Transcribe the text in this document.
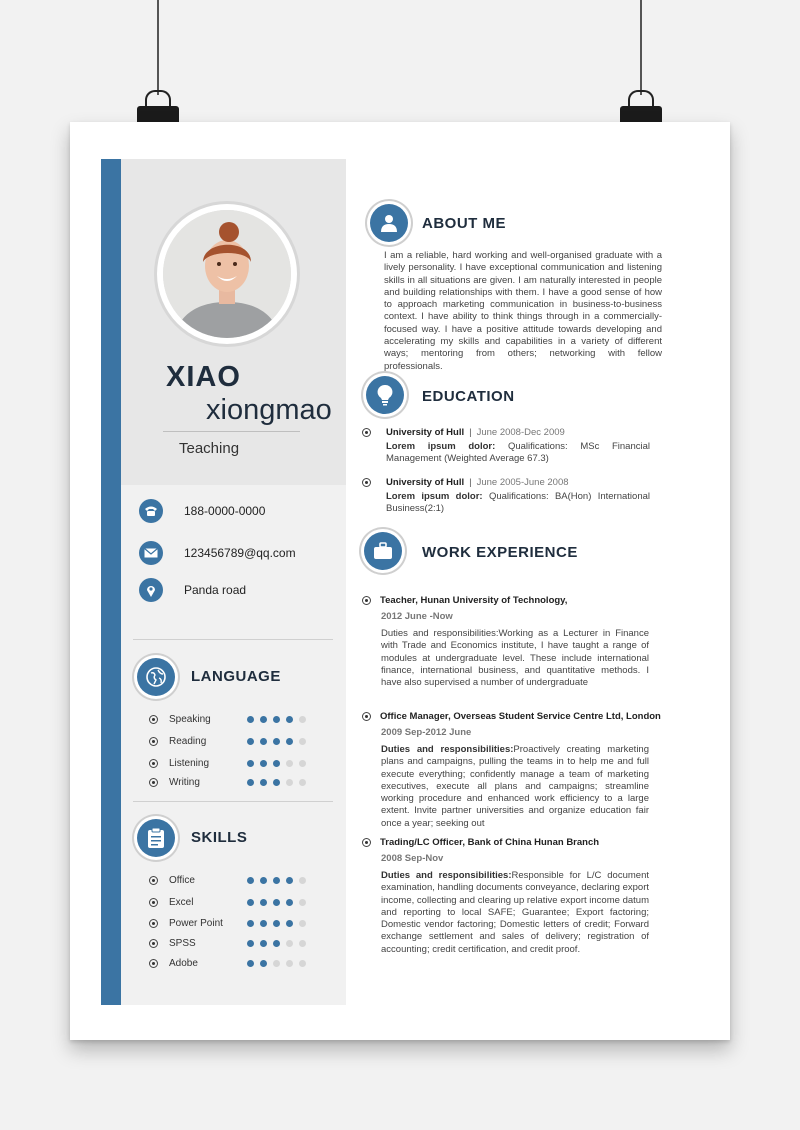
XIAO
xiongmao
Teaching
188-0000-0000
123456789@qq.com
Panda road
LANGUAGE
Speaking
Reading
Listening
Writing
SKILLS
Office
Excel
Power Point
SPSS
Adobe
ABOUT ME
I am a reliable, hard working and well-organised graduate with a lively personality. I have exceptional communication and listening skills in all situations are given. I am naturally interested in people and building relationships with them. I have a good sense of how to approach marketing communication in business-to-business context. I have ability to think things through in a commercially-focused way. I have a positive attitude towards developing and accelerating my skills and capabilities in a variety of different ways; mentoring from others; networking with fellow professionals.
EDUCATION
University of Hull | June 2008-Dec 2009
Lorem ipsum dolor: Qualifications: MSc Financial Management (Weighted Average 67.3)
University of Hull | June 2005-June 2008
Lorem ipsum dolor: Qualifications: BA(Hon) International Business(2:1)
WORK EXPERIENCE
Teacher, Hunan University of Technology,
2012 June -Now
Duties and responsibilities:Working as a Lecturer in Finance with Trade and Economics institute, I have taught a range of modules at undergraduate level. These include international finance, international business, and quantitative methods. I have also supervised a number of undergraduate
Office Manager, Overseas Student Service Centre Ltd, London
2009 Sep-2012 June
Duties and responsibilities:Proactively creating marketing plans and campaigns, pulling the teams in to help me and full execute everything; confidently manage a team of marketing executives, execute all plans and campaigns; streamline working procedure and enhanced work efficiency to a large extent. Invite partner universities and organize education fair once a year; seeking out
Trading/LC Officer, Bank of China Hunan Branch
2008 Sep-Nov
Duties and responsibilities:Responsible for L/C document examination, handling documents conveyance, declaring export income, collecting and clearing up relative export income datum and reporting to local SAFE; Guarantee; Export factoring; Domestic vendor factoring; Domestic letters of credit; Forward exchange settlement and sales of delivery; registration of accounting; credit certification, and credit proof.
